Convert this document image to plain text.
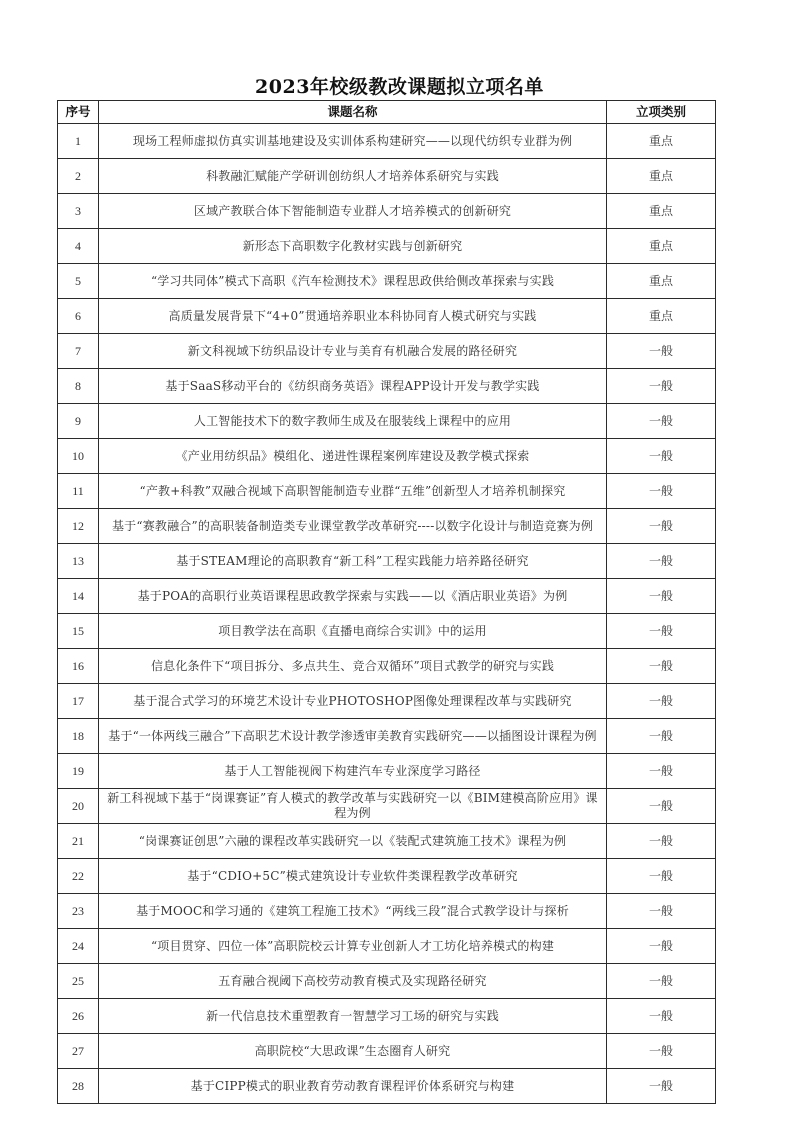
2023年校级教改课题拟立项名单
序号	课题名称	立项类别
1	现场工程师虚拟仿真实训基地建设及实训体系构建研究——以现代纺织专业群为例	重点
2	科教融汇赋能产学研训创纺织人才培养体系研究与实践	重点
3	区域产教联合体下智能制造专业群人才培养模式的创新研究	重点
4	新形态下高职数字化教材实践与创新研究	重点
5	“学习共同体”模式下高职《汽车检测技术》课程思政供给侧改革探索与实践	重点
6	高质量发展背景下“4+0”贯通培养职业本科协同育人模式研究与实践	重点
7	新文科视域下纺织品设计专业与美育有机融合发展的路径研究	一般
8	基于SaaS移动平台的《纺织商务英语》课程APP设计开发与教学实践	一般
9	人工智能技术下的数字教师生成及在服装线上课程中的应用	一般
10	《产业用纺织品》模组化、递进性课程案例库建设及教学模式探索	一般
11	“产教+科教”双融合视域下高职智能制造专业群“五维”创新型人才培养机制探究	一般
12	基于“赛教融合”的高职装备制造类专业课堂教学改革研究----以数字化设计与制造竞赛为例	一般
13	基于STEAM理论的高职教育“新工科”工程实践能力培养路径研究	一般
14	基于POA的高职行业英语课程思政教学探索与实践——以《酒店职业英语》为例	一般
15	项目教学法在高职《直播电商综合实训》中的运用	一般
16	信息化条件下“项目拆分、多点共生、竞合双循环”项目式教学的研究与实践	一般
17	基于混合式学习的环境艺术设计专业PHOTOSHOP图像处理课程改革与实践研究	一般
18	基于“一体两线三融合”下高职艺术设计教学渗透审美教育实践研究——以插图设计课程为例	一般
19	基于人工智能视阀下构建汽车专业深度学习路径	一般
20	新工科视域下基于“岗课赛证”育人模式的教学改革与实践研究一以《BIM建模高阶应用》课程为例	一般
21	“岗课赛证创思”六融的课程改革实践研究一以《装配式建筑施工技术》课程为例	一般
22	基于“CDIO+5C”模式建筑设计专业软件类课程教学改革研究	一般
23	基于MOOC和学习通的《建筑工程施工技术》“两线三段”混合式教学设计与探析	一般
24	“项目贯穿、四位一体”高职院校云计算专业创新人才工坊化培养模式的构建	一般
25	五育融合视阈下高校劳动教育模式及实现路径研究	一般
26	新一代信息技术重塑教育一智慧学习工场的研究与实践	一般
27	高职院校“大思政课”生态圈育人研究	一般
28	基于CIPP模式的职业教育劳动教育课程评价体系研究与构建	一般
